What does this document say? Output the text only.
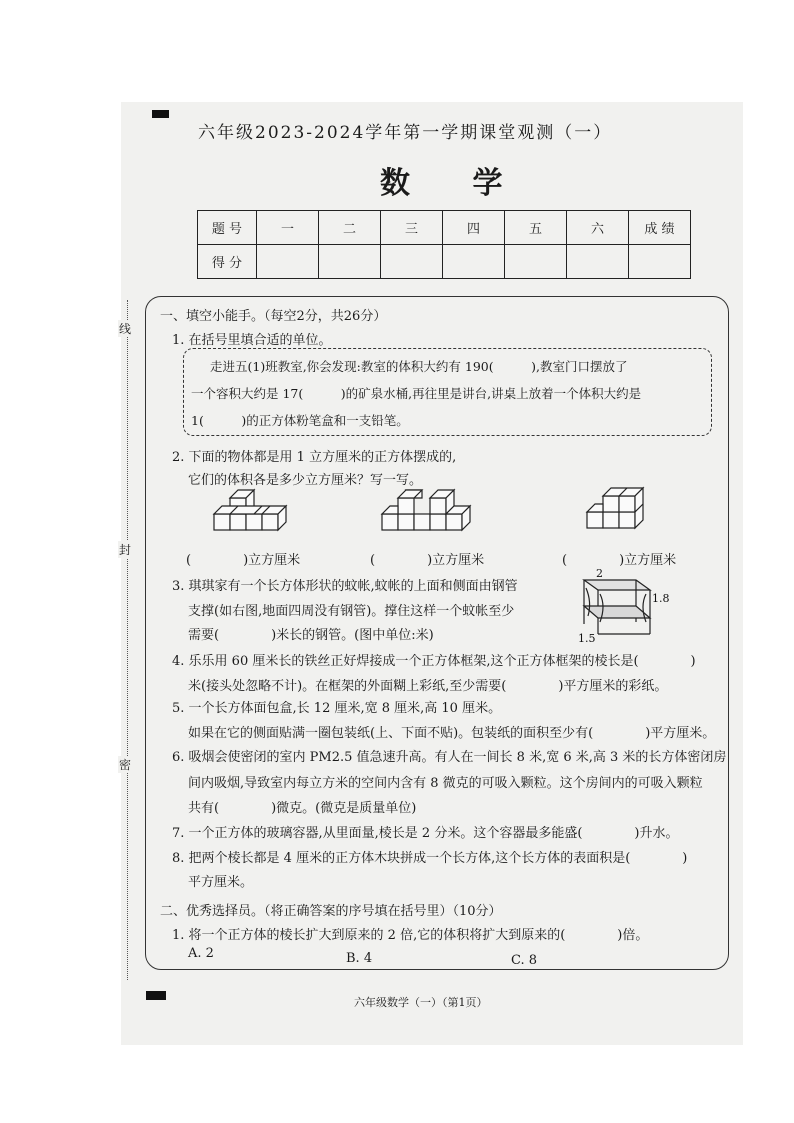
线
封
密
六年级2023-2024学年第一学期课堂观测（一）
数 学
题 号	一	二	三	四	五	六	成 绩
得 分							
一、填空小能手。（每空2分，共26分）
1. 在括号里填合适的单位。
走进五(1)班教室,你会发现:教室的体积大约有 190(　　　),教室门口摆放了
一个容积大约是 17(　　　)的矿泉水桶,再往里是讲台,讲桌上放着一个体积大约是
1(　　　)的正方体粉笔盒和一支铅笔。
2. 下面的物体都是用 1 立方厘米的正方体摆成的,
它们的体积各是多少立方厘米？写一写。
(　　　　)立方厘米	(　　　　)立方厘米	(　　　　)立方厘米
3. 琪琪家有一个长方体形状的蚊帐,蚊帐的上面和侧面由钢管
支撑(如右图,地面四周没有钢管)。撑住这样一个蚊帐至少
需要(　　　　)米长的钢管。(图中单位:米)
2
1.8
1.5
4. 乐乐用 60 厘米长的铁丝正好焊接成一个正方体框架,这个正方体框架的棱长是(　　　　)
米(接头处忽略不计)。在框架的外面糊上彩纸,至少需要(　　　　)平方厘米的彩纸。
5. 一个长方体面包盒,长 12 厘米,宽 8 厘米,高 10 厘米。
如果在它的侧面贴满一圈包装纸(上、下面不贴)。包装纸的面积至少有(　　　　)平方厘米。
6. 吸烟会使密闭的室内 PM2.5 值急速升高。有人在一间长 8 米,宽 6 米,高 3 米的长方体密闭房
间内吸烟,导致室内每立方米的空间内含有 8 微克的可吸入颗粒。这个房间内的可吸入颗粒
共有(　　　　)微克。(微克是质量单位)
7. 一个正方体的玻璃容器,从里面量,棱长是 2 分米。这个容器最多能盛(　　　　)升水。
8. 把两个棱长都是 4 厘米的正方体木块拼成一个长方体,这个长方体的表面积是(　　　　)
平方厘米。
二、优秀选择员。（将正确答案的序号填在括号里）（10分）
1. 将一个正方体的棱长扩大到原来的 2 倍,它的体积将扩大到原来的(　　　　)倍。
A. 2	B. 4	C. 8
六年级数学（一）（第1页）
